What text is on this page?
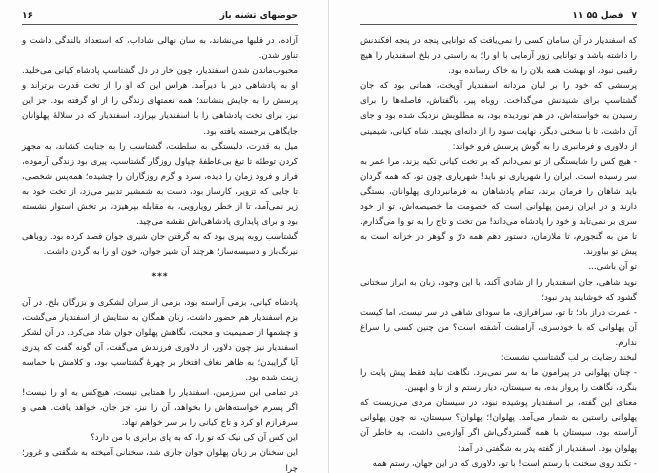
۱۶	حوضهای تشنه باز

آزاده، در قلبها می‌نشاند، به سان نهالی شاداب، که استعداد بالندگی داشت و تناور شدن.

محبوب‌ماندن شدن اسفندیار، چون خار در دل گشتاسپ پادشاه کیانی می‌خلید. او به پادشاهی دیر با دیرآمد. هراس این که او را از تخت قدرت برتراند و پرسش را به جایش بنشانند؛ همه نعمتهای زندگی را از او گرفته بود. جز این نیز، برای تخت پادشاهی را با اسفندیار بپرازد، اسفندیار که در سلالۀ پهلوانان جایگاهی برجسته یافته بود.

میل به قدرت، دلبستگی به سلطنت، گشتاسب را به جنایت کشاند، به مجهز کردن توطئه تا تیغ بی‌عاطفۀ چپاول روزگار گشتاسپ، پیری بود زندگی آرموده، فراز و فرود زمان را دیده، سرد و گرم روزگاران را چشیده؛ همه‌پس شخصی، تا جایی که تزویر، کارساز بود، دست به شمشیر تدبیر می‌زد، از تخت خود به زیر نمی‌آمد، تا از خطر رویارویی، به مقابله بپرهیزد، بر تخش استوار نشسته بود و برای پایداری پادشاهی‌اش نقشه می‌چید.

گشتاسب روبه پیری بود که به گرفتن جان شیری جوان قصد کرده بود. روباهی نیرنگ‌باز و دسیسه‌ساز؛ هرچند آن شیر جوان، خون او را به گردن داشت.

***

پادشاه کیانی، بزمی آراسته بود، بزمی از سران لشکری و بزرگان بلخ. در آن بزم اسفندیار هم حضور داشت، زبان همگان به ستایش از اسفندیار می‌گشت، و چشمها از صمیمیت و محبت، نگاهش پهلوان جوان شاد می‌کرد. در آن لشکر اسفندیار نیز چون دلاور، از دلاوری فرزندش می‌گفت، آن گونه گفت که پدری آیا گرایبدن؛ به ظاهر نغاف افتخار بر چهرۀ گشتاسپ بود، و کلامش با حماسه زینت شده بود.

در تمامی این سرزمین، اسفندیار را همتایی نیست، هیچ‌کس به او را نیست! اگر پسرم خواسته‌هاش را بخواهد، آن را نیز، جز جان، خواهد یافت. همی و سرفرازم او کرد و تاج کیانی را بر سر خواهم نهاد.

این کس آن کی نیک که تو را، که به پای برابری با من دارد؟

این سخنان بر زبان پهلوان جوان جاری شد، سخنانی آمیخته به شگفتی و غرور؛ چرا

فصل ۵۵ ۱۱ ۷

که اسفندیار در آن سامان کسی را نمی‌یافت که توانایی پنجه در پنجه افکندنش را داشته باشد و توانایی زور آزمایی با او را؛ به راستی در بلخ اسفندیار را هیچ رقیبی نبود، او بهشت همه بلان را به خاک رسانده بود.

پرسشی که خود را بر لبان مردانه اسفندیار آویخت، همانی بود که جان گشتاسپ برای شنیدنش می‌گداخت. روباه پیر، باگفتاش، فاصله‌ها را برای رسیدن به خواسته‌اش، در هم نوردیده بود، به مطلوبش نزدیک شده بود و جای آن داشت، تا با سخنی دیگر، نهایت سود را از دانه‌ای بچیند. شاه کیانی، شیمینی از دلاوری و فرمانبری را به گوش پرسش فرو خواند:

- هیچ کس را شایستگی از تو نمی‌دانم که بر تخت کیانی تکیه بزند، مرا عمر به سر رسیده است. ایران را شهریاری نو باید! شهریاری چون تو، که همه گردان باید شاهان را فرمان برند، تمام پادشاهان به فرمانبرداری پهلوانان، بستگی دارند و در ایران زمین پهلوانی است که خصومت ما خصیصه‌اش، تو از خود سری بر نمی‌تابد و خود را پادشاه می‌داند! من تخت و تاج را به تو وا می‌گذارم. تا من به گنجورم، تا ملازمان، دستور دهم همه درّ و گوهر در خزانه است به پیش تو بیاورند.

تو آن باشی...

نوید شاهی، جان اسفندیار را از شادی آکند، با این وجود، زبان به ابراز سختانی گشود که خوشایند پدر نبود؛

- عمرت دراز باد؛ تا تو، سرافرازی، ما سودای شاهی در سر نیست، اما کیست آن پهلوانی که با خودسری، آرامشت آشفته است؟ من چنین کسی را سراغ ندارم.

لبخند رضایت بر لب گشتاسپ نشست:

- چنان پهلوانی در پیرامون ما به سر نمی‌برد. نگاهت نباید فقط پیش پایت را بنگرد، نگاهت را پرواز بده، به سیستان، دیار رستم و از تا و ابهبین.

معنای این گفته، بر اسفندیار پوشیده نبود، در سیستان مردی می‌زیست که پهلوانی راستین به شمار می‌آمد. پهلوان!؛ پهلوان؟ سیستان، نه چون پهلوانی آراسته بود، سیستان با همه گستردگی‌اش اگر آوازه‌یی داشت، به خاطر آن پهلوان بود. اسفندیار از گفته پدر به شگفتی در آمد:

- تکند روی سخنت با رستم است! با تو، دلاوری که در این جهان، رستم همه‌
